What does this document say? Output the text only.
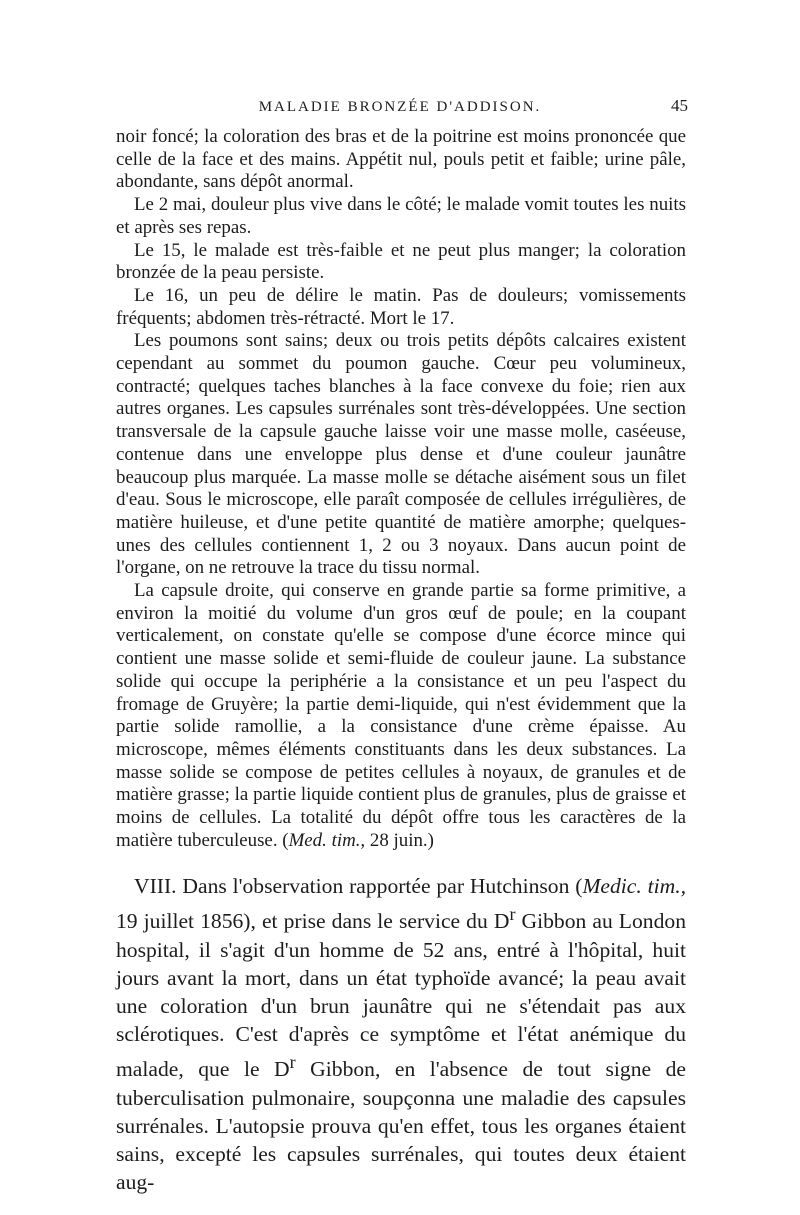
MALADIE BRONZÉE D'ADDISON.	45

noir foncé; la coloration des bras et de la poitrine est moins prononcée que celle de la face et des mains. Appétit nul, pouls petit et faible; urine pâle, abondante, sans dépôt anormal.

Le 2 mai, douleur plus vive dans le côté; le malade vomit toutes les nuits et après ses repas.

Le 15, le malade est très-faible et ne peut plus manger; la coloration bronzée de la peau persiste.

Le 16, un peu de délire le matin. Pas de douleurs; vomissements fréquents; abdomen très-rétracté. Mort le 17.

Les poumons sont sains; deux ou trois petits dépôts calcaires existent cependant au sommet du poumon gauche. Cœur peu volumineux, contracté; quelques taches blanches à la face convexe du foie; rien aux autres organes. Les capsules surrénales sont très-développées. Une section transversale de la capsule gauche laisse voir une masse molle, caséeuse, contenue dans une enveloppe plus dense et d'une couleur jaunâtre beaucoup plus marquée. La masse molle se détache aisément sous un filet d'eau. Sous le microscope, elle paraît composée de cellules irrégulières, de matière huileuse, et d'une petite quantité de matière amorphe; quelques-unes des cellules contiennent 1, 2 ou 3 noyaux. Dans aucun point de l'organe, on ne retrouve la trace du tissu normal.

La capsule droite, qui conserve en grande partie sa forme primitive, a environ la moitié du volume d'un gros œuf de poule; en la coupant verticalement, on constate qu'elle se compose d'une écorce mince qui contient une masse solide et semi-fluide de couleur jaune. La substance solide qui occupe la periphérie a la consistance et un peu l'aspect du fromage de Gruyère; la partie demi-liquide, qui n'est évidemment que la partie solide ramollie, a la consistance d'une crème épaisse. Au microscope, mêmes éléments constituants dans les deux substances. La masse solide se compose de petites cellules à noyaux, de granules et de matière grasse; la partie liquide contient plus de granules, plus de graisse et moins de cellules. La totalité du dépôt offre tous les caractères de la matière tuberculeuse. (Med. tim., 28 juin.)

VIII. Dans l'observation rapportée par Hutchinson (Medic. tim., 19 juillet 1856), et prise dans le service du $D^r$ Gibbon au London hospital, il s'agit d'un homme de 52 ans, entré à l'hôpital, huit jours avant la mort, dans un état typhoïde avancé; la peau avait une coloration d'un brun jaunâtre qui ne s'étendait pas aux sclérotiques. C'est d'après ce symptôme et l'état anémique du malade, que le $D^r$ Gibbon, en l'absence de tout signe de tuberculisation pulmonaire, soupçonna une maladie des capsules surrénales. L'autopsie prouva qu'en effet, tous les organes étaient sains, excepté les capsules surrénales, qui toutes deux étaient aug-
